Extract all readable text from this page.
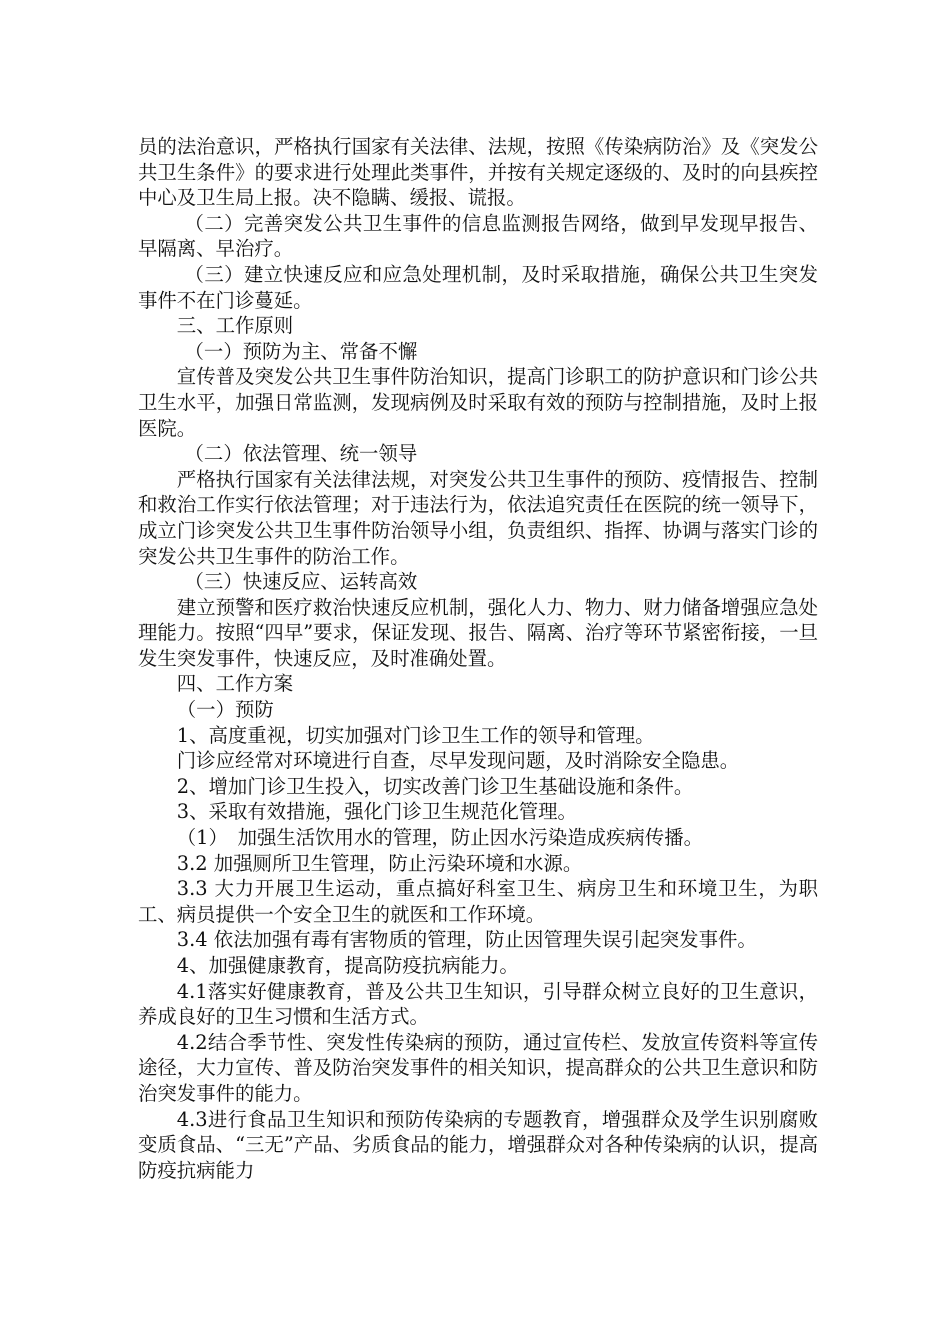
员的法治意识，严格执行国家有关法律、法规，按照《传染病防治》及《突发公共卫生条件》的要求进行处理此类事件，并按有关规定逐级的、及时的向县疾控中心及卫生局上报。决不隐瞒、缓报、谎报。

（二）完善突发公共卫生事件的信息监测报告网络，做到早发现早报告、早隔离、早治疗。

（三）建立快速反应和应急处理机制，及时采取措施，确保公共卫生突发事件不在门诊蔓延。

三、工作原则

（一）预防为主、常备不懈

宣传普及突发公共卫生事件防治知识，提高门诊职工的防护意识和门诊公共卫生水平，加强日常监测，发现病例及时采取有效的预防与控制措施，及时上报医院。

（二）依法管理、统一领导

严格执行国家有关法律法规，对突发公共卫生事件的预防、疫情报告、控制和救治工作实行依法管理；对于违法行为，依法追究责任在医院的统一领导下，成立门诊突发公共卫生事件防治领导小组，负责组织、指挥、协调与落实门诊的突发公共卫生事件的防治工作。

（三）快速反应、运转高效

建立预警和医疗救治快速反应机制，强化人力、物力、财力储备增强应急处理能力。按照“四早”要求，保证发现、报告、隔离、治疗等环节紧密衔接，一旦发生突发事件，快速反应，及时准确处置。

四、工作方案

（一）预防

1、高度重视，切实加强对门诊卫生工作的领导和管理。

门诊应经常对环境进行自查，尽早发现问题，及时消除安全隐患。

2、增加门诊卫生投入，切实改善门诊卫生基础设施和条件。

3、采取有效措施，强化门诊卫生规范化管理。

（1）　加强生活饮用水的管理，防止因水污染造成疾病传播。

3.2 加强厕所卫生管理，防止污染环境和水源。

3.3 大力开展卫生运动，重点搞好科室卫生、病房卫生和环境卫生，为职工、病员提供一个安全卫生的就医和工作环境。

3.4 依法加强有毒有害物质的管理，防止因管理失误引起突发事件。

4、加强健康教育，提高防疫抗病能力。

4.1落实好健康教育，普及公共卫生知识，引导群众树立良好的卫生意识，养成良好的卫生习惯和生活方式。

4.2结合季节性、突发性传染病的预防，通过宣传栏、发放宣传资料等宣传途径，大力宣传、普及防治突发事件的相关知识，提高群众的公共卫生意识和防治突发事件的能力。

4.3进行食品卫生知识和预防传染病的专题教育，增强群众及学生识别腐败变质食品、“三无”产品、劣质食品的能力，增强群众对各种传染病的认识，提高防疫抗病能力
